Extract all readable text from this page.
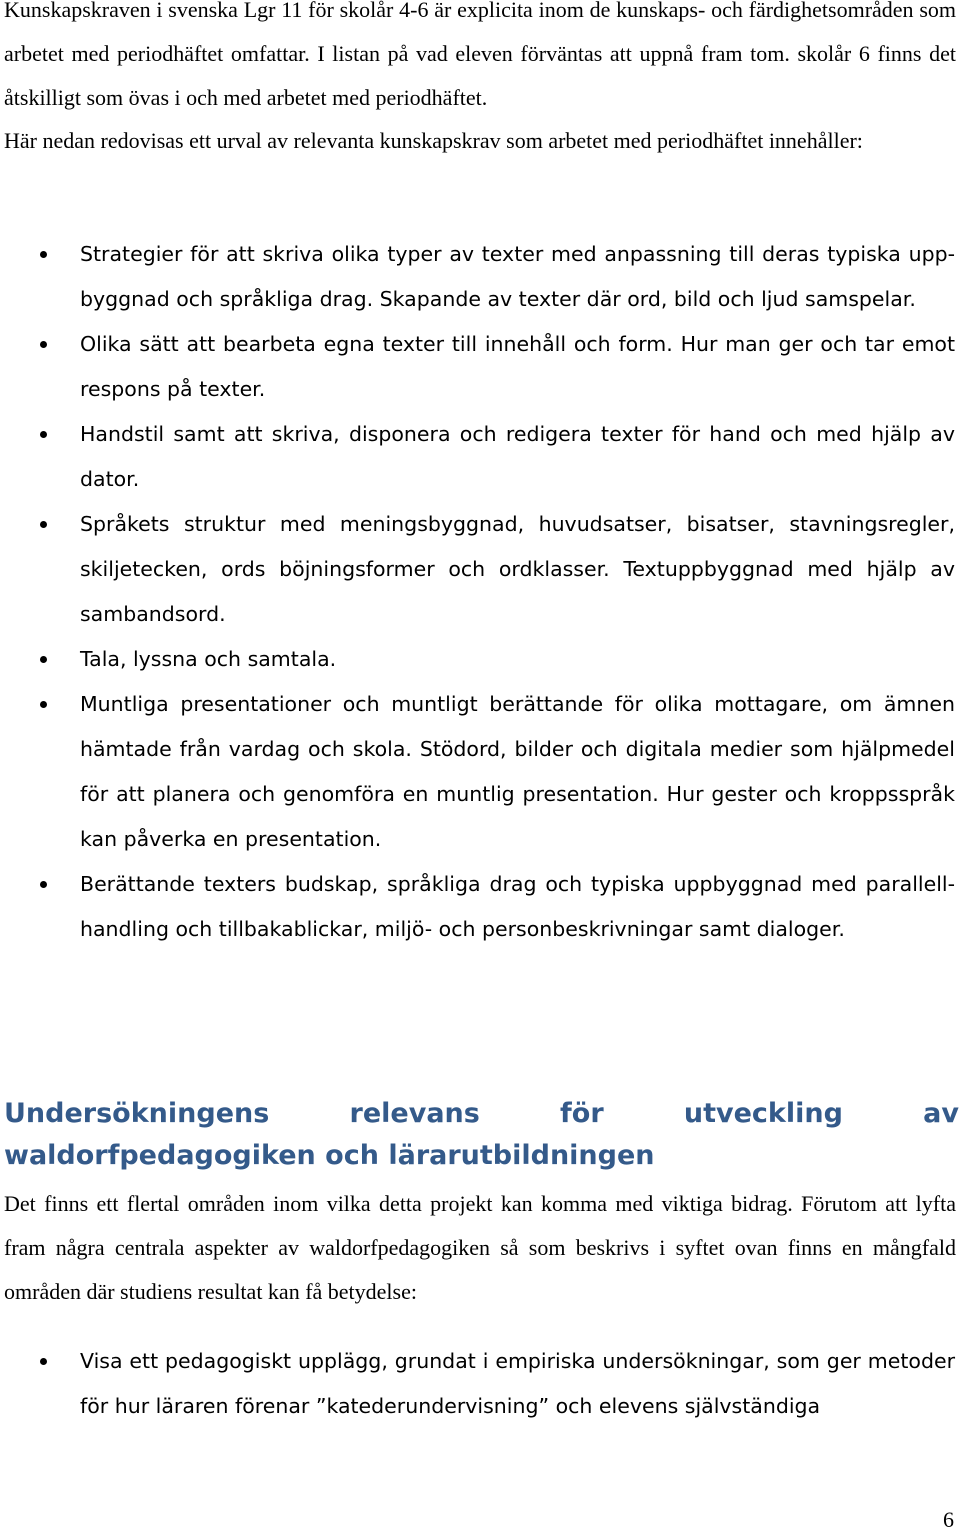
Kunskapskraven i svenska Lgr 11 för skolår 4-6 är explicita inom de kunskaps- och färdighetsområden som arbetet med periodhäftet omfattar. I listan på vad eleven förväntas att uppnå fram tom. skolår 6 finns det åtskilligt som övas i och med arbetet med periodhäftet.

Här nedan redovisas ett urval av relevanta kunskapskrav som arbetet med periodhäftet innehåller:

Strategier för att skriva olika typer av texter med anpassning till deras typiska upp- byggnad och språkliga drag. Skapande av texter där ord, bild och ljud samspelar.
Olika sätt att bearbeta egna texter till innehåll och form. Hur man ger och tar emot respons på texter.
Handstil samt att skriva, disponera och redigera texter för hand och med hjälp av dator.
Språkets struktur med meningsbyggnad, huvudsatser, bisatser, stavningsregler, skiljetecken, ords böjningsformer och ordklasser. Textuppbyggnad med hjälp av sambandsord.
Tala, lyssna och samtala.
Muntliga presentationer och muntligt berättande för olika mottagare, om ämnen hämtade från vardag och skola. Stödord, bilder och digitala medier som hjälpmedel för att planera och genomföra en muntlig presentation. Hur gester och kroppsspråk kan påverka en presentation.
Berättande texters budskap, språkliga drag och typiska uppbyggnad med parallell- handling och tillbakablickar, miljö- och personbeskrivningar samt dialoger.
Undersökningens relevans för utveckling av waldorfpedagogiken och lärarutbildningen

Det finns ett flertal områden inom vilka detta projekt kan komma med viktiga bidrag. Förutom att lyfta fram några centrala aspekter av waldorfpedagogiken så som beskrivs i syftet ovan finns en mångfald områden där studiens resultat kan få betydelse:

Visa ett pedagogiskt upplägg, grundat i empiriska undersökningar, som ger metoder för hur läraren förenar ”katederundervisning” och elevens självständiga
6
